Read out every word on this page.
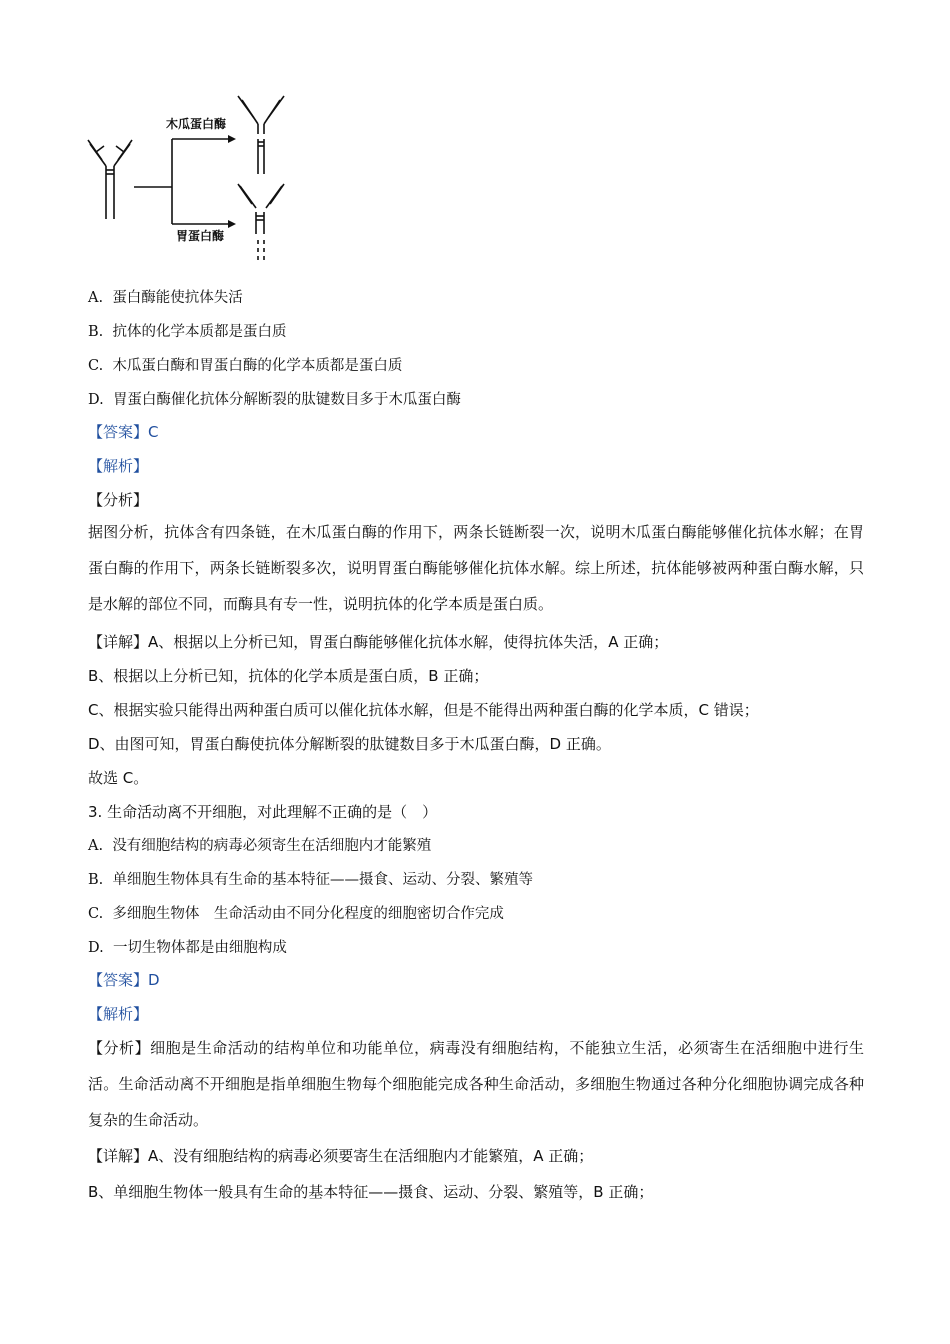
木瓜蛋白酶
胃蛋白酶
A. 蛋白酶能使抗体失活
B. 抗体的化学本质都是蛋白质
C. 木瓜蛋白酶和胃蛋白酶的化学本质都是蛋白质
D. 胃蛋白酶催化抗体分解断裂的肽键数目多于木瓜蛋白酶
【答案】C
【解析】
【分析】
据图分析，抗体含有四条链，在木瓜蛋白酶的作用下，两条长链断裂一次，说明木瓜蛋白酶能够催化抗体水解；在胃蛋白酶的作用下，两条长链断裂多次，说明胃蛋白酶能够催化抗体水解。综上所述，抗体能够被两种蛋白酶水解，只是水解的部位不同，而酶具有专一性，说明抗体的化学本质是蛋白质。
【详解】A、根据以上分析已知，胃蛋白酶能够催化抗体水解，使得抗体失活，A 正确；
B、根据以上分析已知，抗体的化学本质是蛋白质，B 正确；
C、根据实验只能得出两种蛋白质可以催化抗体水解，但是不能得出两种蛋白酶的化学本质，C 错误；
D、由图可知，胃蛋白酶使抗体分解断裂的肽键数目多于木瓜蛋白酶，D 正确。
故选 C。
3. 生命活动离不开细胞，对此理解不正确的是（　）
A. 没有细胞结构的病毒必须寄生在活细胞内才能繁殖
B. 单细胞生物体具有生命的基本特征——摄食、运动、分裂、繁殖等
C. 多细胞生物体　生命活动由不同分化程度的细胞密切合作完成
D. 一切生物体都是由细胞构成
【答案】D
【解析】
【分析】细胞是生命活动的结构单位和功能单位，病毒没有细胞结构，不能独立生活，必须寄生在活细胞中进行生活。生命活动离不开细胞是指单细胞生物每个细胞能完成各种生命活动，多细胞生物通过各种分化细胞协调完成各种复杂的生命活动。
【详解】A、没有细胞结构的病毒必须要寄生在活细胞内才能繁殖，A 正确；
B、单细胞生物体一般具有生命的基本特征——摄食、运动、分裂、繁殖等，B 正确；
